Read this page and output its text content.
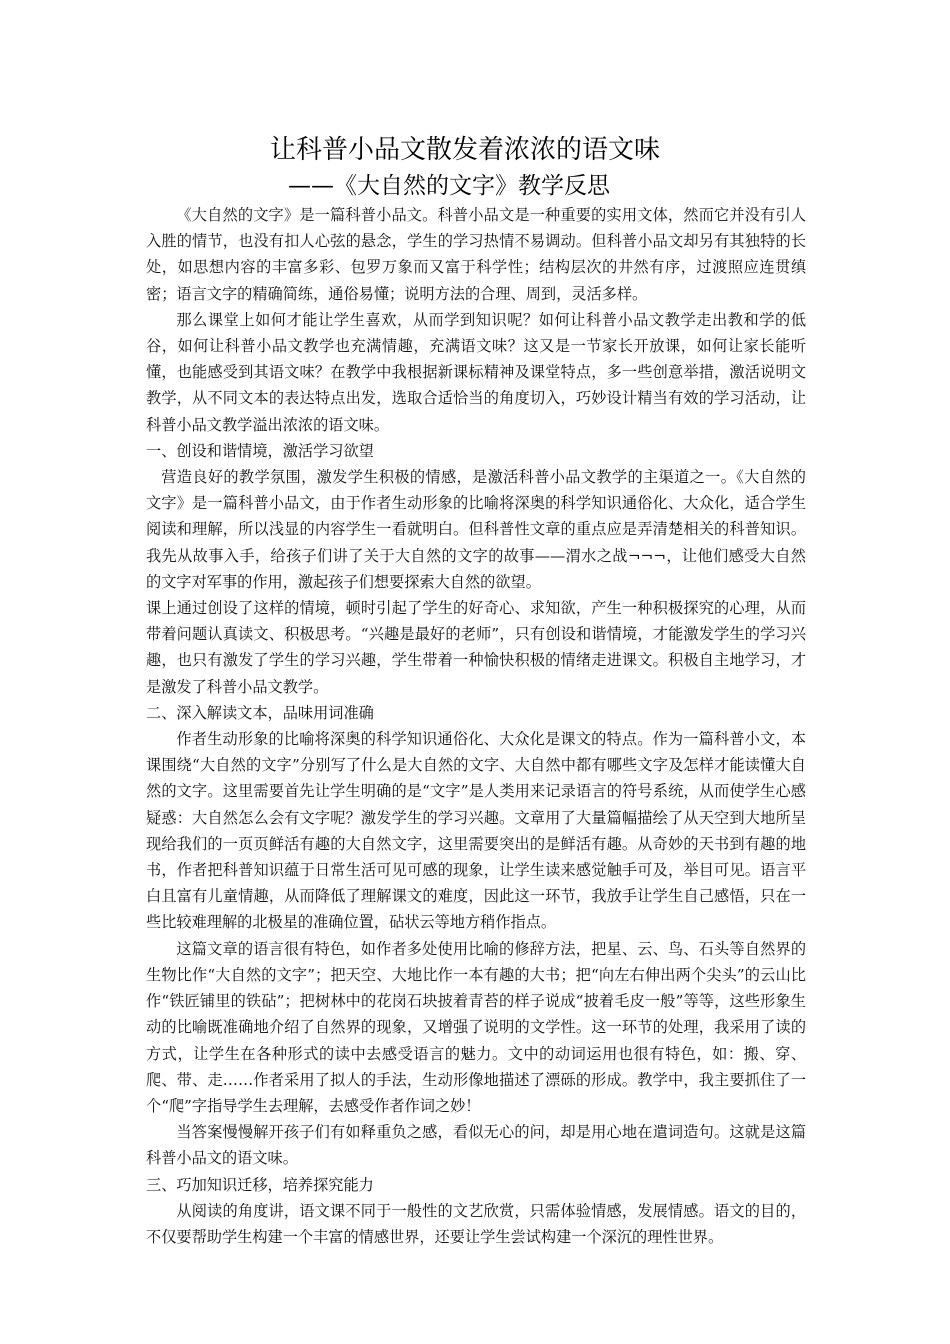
让科普小品文散发着浓浓的语文味
——《大自然的文字》教学反思

《大自然的文字》是一篇科普小品文。科普小品文是一种重要的实用文体，然而它并没有引人入胜的情节，也没有扣人心弦的悬念，学生的学习热情不易调动。但科普小品文却另有其独特的长处，如思想内容的丰富多彩、包罗万象而又富于科学性；结构层次的井然有序，过渡照应连贯缜密；语言文字的精确简练，通俗易懂；说明方法的合理、周到，灵活多样。

那么课堂上如何才能让学生喜欢，从而学到知识呢？如何让科普小品文教学走出教和学的低谷，如何让科普小品文教学也充满情趣，充满语文味？这又是一节家长开放课，如何让家长能听懂，也能感受到其语文味？在教学中我根据新课标精神及课堂特点，多一些创意举措，激活说明文教学，从不同文本的表达特点出发，选取合适恰当的角度切入，巧妙设计精当有效的学习活动，让科普小品文教学溢出浓浓的语文味。

一、创设和谐情境，激活学习欲望

营造良好的教学氛围，激发学生积极的情感，是激活科普小品文教学的主渠道之一。《大自然的文字》是一篇科普小品文，由于作者生动形象的比喻将深奥的科学知识通俗化、大众化，适合学生阅读和理解，所以浅显的内容学生一看就明白。但科普性文章的重点应是弄清楚相关的科普知识。我先从故事入手，给孩子们讲了关于大自然的文字的故事——渭水之战¬¬¬，让他们感受大自然的文字对军事的作用，激起孩子们想要探索大自然的欲望。

课上通过创设了这样的情境，顿时引起了学生的好奇心、求知欲，产生一种积极探究的心理，从而带着问题认真读文、积极思考。“兴趣是最好的老师”，只有创设和谐情境，才能激发学生的学习兴趣，也只有激发了学生的学习兴趣，学生带着一种愉快积极的情绪走进课文。积极自主地学习，才是激发了科普小品文教学。

二、深入解读文本，品味用词准确

作者生动形象的比喻将深奥的科学知识通俗化、大众化是课文的特点。作为一篇科普小文，本课围绕“大自然的文字”分别写了什么是大自然的文字、大自然中都有哪些文字及怎样才能读懂大自然的文字。这里需要首先让学生明确的是“文字”是人类用来记录语言的符号系统，从而使学生心感疑惑：大自然怎么会有文字呢？激发学生的学习兴趣。文章用了大量篇幅描绘了从天空到大地所呈现给我们的一页页鲜活有趣的大自然文字，这里需要突出的是鲜活有趣。从奇妙的天书到有趣的地书，作者把科普知识蕴于日常生活可见可感的现象，让学生读来感觉触手可及，举目可见。语言平白且富有儿童情趣，从而降低了理解课文的难度，因此这一环节，我放手让学生自己感悟，只在一些比较难理解的北极星的准确位置，砧状云等地方稍作指点。

这篇文章的语言很有特色，如作者多处使用比喻的修辞方法，把星、云、鸟、石头等自然界的生物比作“大自然的文字”；把天空、大地比作一本有趣的大书；把“向左右伸出两个尖头”的云山比作“铁匠铺里的铁砧”；把树林中的花岗石块披着青苔的样子说成“披着毛皮一般”等等，这些形象生动的比喻既准确地介绍了自然界的现象，又增强了说明的文学性。这一环节的处理，我采用了读的方式，让学生在各种形式的读中去感受语言的魅力。文中的动词运用也很有特色，如：搬、穿、爬、带、走……作者采用了拟人的手法，生动形像地描述了漂砾的形成。教学中，我主要抓住了一个“爬”字指导学生去理解，去感受作者作词之妙！

当答案慢慢解开孩子们有如释重负之感，看似无心的问，却是用心地在遣词造句。这就是这篇科普小品文的语文味。

三、巧加知识迁移，培养探究能力

从阅读的角度讲，语文课不同于一般性的文艺欣赏，只需体验情感，发展情感。语文的目的，不仅要帮助学生构建一个丰富的情感世界，还要让学生尝试构建一个深沉的理性世界。
